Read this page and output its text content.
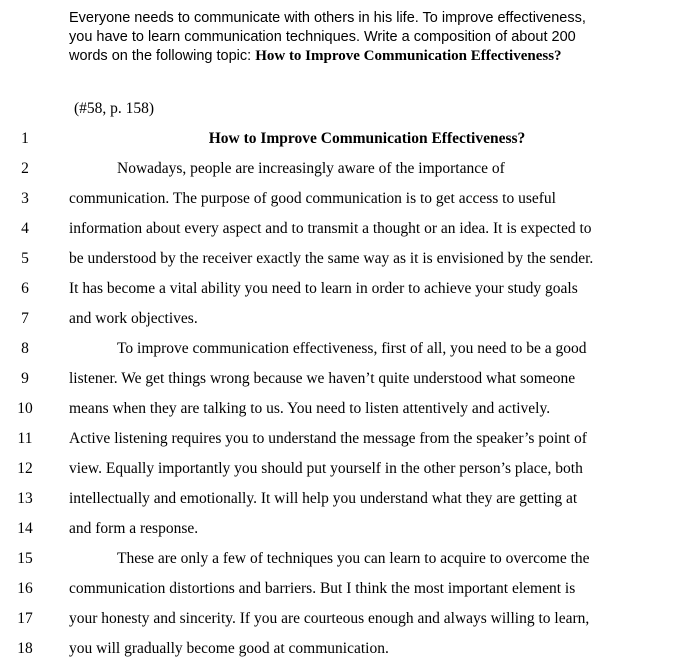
Everyone needs to communicate with others in his life. To improve effectiveness,
you have to learn communication techniques. Write a composition of about 200
words on the following topic: How to Improve Communication Effectiveness?
(#58, p. 158)
1	How to Improve Communication Effectiveness?
2	Nowadays, people are increasingly aware of the importance of
3	communication. The purpose of good communication is to get access to useful
4	information about every aspect and to transmit a thought or an idea. It is expected to
5	be understood by the receiver exactly the same way as it is envisioned by the sender.
6	It has become a vital ability you need to learn in order to achieve your study goals
7	and work objectives.
8	To improve communication effectiveness, first of all, you need to be a good
9	listener. We get things wrong because we haven’t quite understood what someone
10	means when they are talking to us. You need to listen attentively and actively.
11	Active listening requires you to understand the message from the speaker’s point of
12	view. Equally importantly you should put yourself in the other person’s place, both
13	intellectually and emotionally. It will help you understand what they are getting at
14	and form a response.
15	These are only a few of techniques you can learn to acquire to overcome the
16	communication distortions and barriers. But I think the most important element is
17	your honesty and sincerity. If you are courteous enough and always willing to learn,
18	you will gradually become good at communication.
